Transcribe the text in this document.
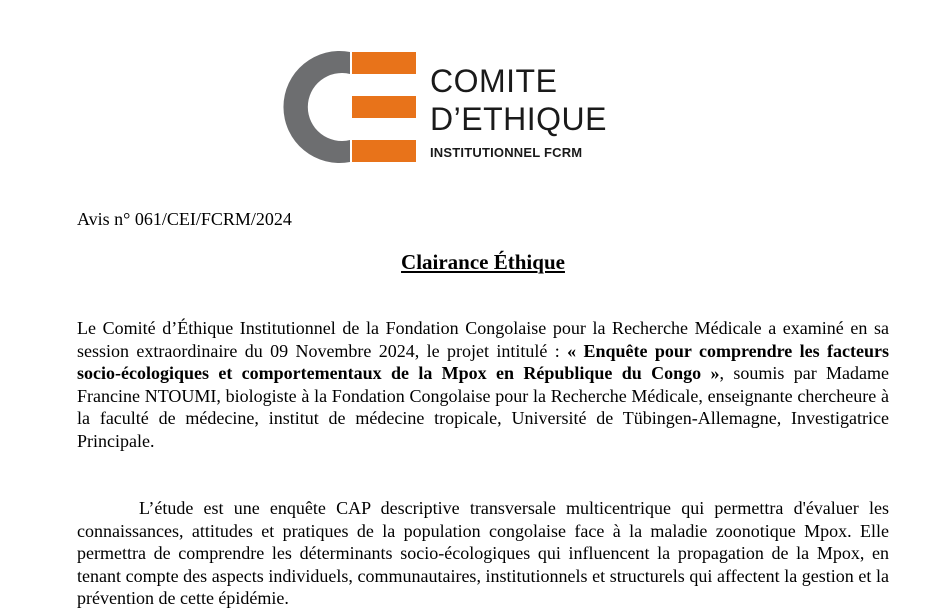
COMITE
D’ETHIQUE
INSTITUTIONNEL FCRM
Avis n° 061/CEI/FCRM/2024
Clairance Éthique

Le Comité d’Éthique Institutionnel de la Fondation Congolaise pour la Recherche Médicale a examiné en sa session extraordinaire du 09 Novembre 2024, le projet intitulé : « Enquête pour comprendre les facteurs socio-écologiques et comportementaux de la Mpox en République du Congo », soumis par Madame Francine NTOUMI, biologiste à la Fondation Congolaise pour la Recherche Médicale, enseignante chercheure à la faculté de médecine, institut de médecine tropicale, Université de Tübingen-Allemagne, Investigatrice Principale.

L’étude est une enquête CAP descriptive transversale multicentrique qui permettra d'évaluer les connaissances, attitudes et pratiques de la population congolaise face à la maladie zoonotique Mpox. Elle permettra de comprendre les déterminants socio-écologiques qui influencent la propagation de la Mpox, en tenant compte des aspects individuels, communautaires, institutionnels et structurels qui affectent la gestion et la prévention de cette épidémie.
